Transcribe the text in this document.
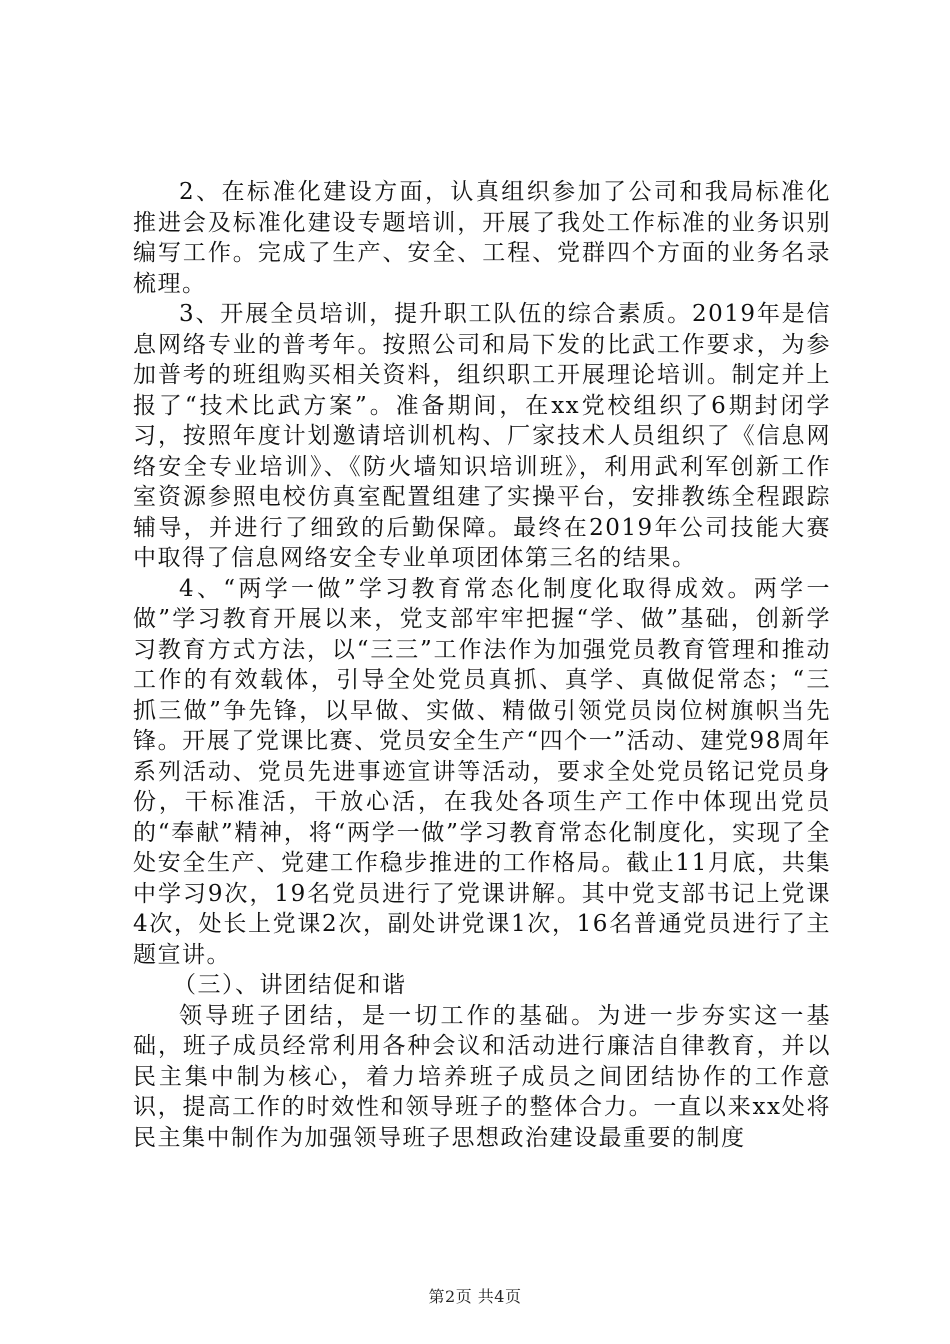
2、在标准化建设方面，认真组织参加了公司和我局标准化推进会及标准化建设专题培训，开展了我处工作标准的业务识别编写工作。完成了生产、安全、工程、党群四个方面的业务名录梳理。

3、开展全员培训，提升职工队伍的综合素质。2019年是信息网络专业的普考年。按照公司和局下发的比武工作要求，为参加普考的班组购买相关资料，组织职工开展理论培训。制定并上报了“技术比武方案”。准备期间，在xx党校组织了6期封闭学习，按照年度计划邀请培训机构、厂家技术人员组织了《信息网络安全专业培训》、《防火墙知识培训班》，利用武利军创新工作室资源参照电校仿真室配置组建了实操平台，安排教练全程跟踪辅导，并进行了细致的后勤保障。最终在2019年公司技能大赛中取得了信息网络安全专业单项团体第三名的结果。

4、“两学一做”学习教育常态化制度化取得成效。两学一做”学习教育开展以来，党支部牢牢把握“学、做”基础，创新学习教育方式方法，以“三三”工作法作为加强党员教育管理和推动工作的有效载体，引导全处党员真抓、真学、真做促常态；“三抓三做”争先锋，以早做、实做、精做引领党员岗位树旗帜当先锋。开展了党课比赛、党员安全生产“四个一”活动、建党98周年系列活动、党员先进事迹宣讲等活动，要求全处党员铭记党员身份，干标准活，干放心活，在我处各项生产工作中体现出党员的“奉献”精神，将“两学一做”学习教育常态化制度化，实现了全处安全生产、党建工作稳步推进的工作格局。截止11月底，共集中学习9次，19名党员进行了党课讲解。其中党支部书记上党课4次，处长上党课2次，副处讲党课1次，16名普通党员进行了主题宣讲。

（三）、讲团结促和谐

领导班子团结，是一切工作的基础。为进一步夯实这一基础，班子成员经常利用各种会议和活动进行廉洁自律教育，并以民主集中制为核心，着力培养班子成员之间团结协作的工作意识，提高工作的时效性和领导班子的整体合力。一直以来xx处将民主集中制作为加强领导班子思想政治建设最重要的制度

第2页 共4页
